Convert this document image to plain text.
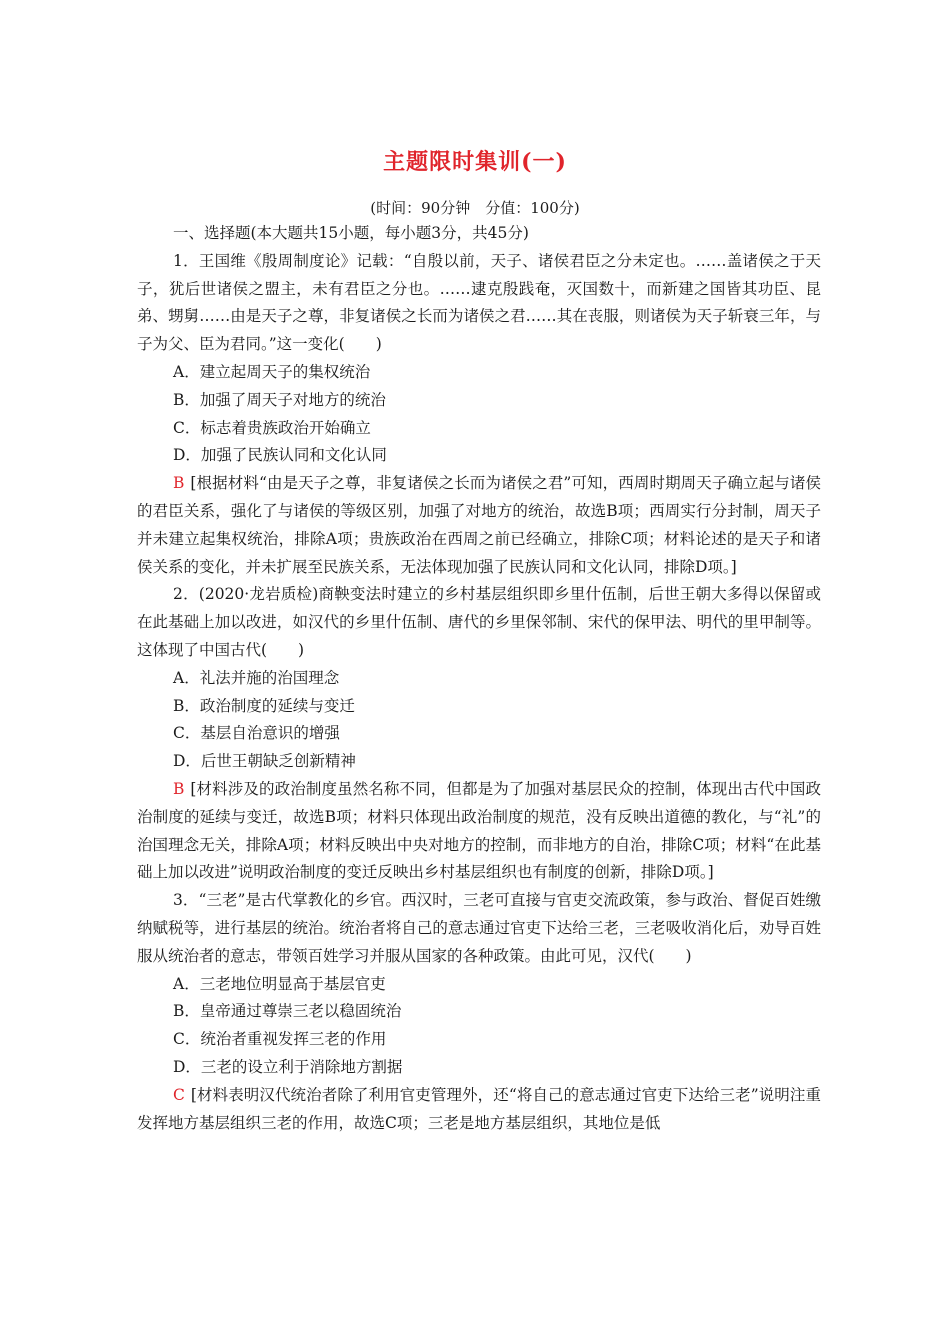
主题限时集训(一)
(时间：90分钟　分值：100分)

一、选择题(本大题共15小题，每小题3分，共45分)

1．王国维《殷周制度论》记载：“自殷以前，天子、诸侯君臣之分未定也。……盖诸侯之于天子，犹后世诸侯之盟主，未有君臣之分也。……逮克殷践奄，灭国数十，而新建之国皆其功臣、昆弟、甥舅……由是天子之尊，非复诸侯之长而为诸侯之君……其在丧服，则诸侯为天子斩衰三年，与子为父、臣为君同。”这一变化(　　)

A．建立起周天子的集权统治

B．加强了周天子对地方的统治

C．标志着贵族政治开始确立

D．加强了民族认同和文化认同

B [根据材料“由是天子之尊，非复诸侯之长而为诸侯之君”可知，西周时期周天子确立起与诸侯的君臣关系，强化了与诸侯的等级区别，加强了对地方的统治，故选B项；西周实行分封制，周天子并未建立起集权统治，排除A项；贵族政治在西周之前已经确立，排除C项；材料论述的是天子和诸侯关系的变化，并未扩展至民族关系，无法体现加强了民族认同和文化认同，排除D项。]

2．(2020·龙岩质检)商鞅变法时建立的乡村基层组织即乡里什伍制，后世王朝大多得以保留或在此基础上加以改进，如汉代的乡里什伍制、唐代的乡里保邻制、宋代的保甲法、明代的里甲制等。这体现了中国古代(　　)

A．礼法并施的治国理念

B．政治制度的延续与变迁

C．基层自治意识的增强

D．后世王朝缺乏创新精神

B [材料涉及的政治制度虽然名称不同，但都是为了加强对基层民众的控制，体现出古代中国政治制度的延续与变迁，故选B项；材料只体现出政治制度的规范，没有反映出道德的教化，与“礼”的治国理念无关，排除A项；材料反映出中央对地方的控制，而非地方的自治，排除C项；材料“在此基础上加以改进”说明政治制度的变迁反映出乡村基层组织也有制度的创新，排除D项。]

3．“三老”是古代掌教化的乡官。西汉时，三老可直接与官吏交流政策，参与政治、督促百姓缴纳赋税等，进行基层的统治。统治者将自己的意志通过官吏下达给三老，三老吸收消化后，劝导百姓服从统治者的意志，带领百姓学习并服从国家的各种政策。由此可见，汉代(　　)

A．三老地位明显高于基层官吏

B．皇帝通过尊崇三老以稳固统治

C．统治者重视发挥三老的作用

D．三老的设立利于消除地方割据

C [材料表明汉代统治者除了利用官吏管理外，还“将自己的意志通过官吏下达给三老”说明注重发挥地方基层组织三老的作用，故选C项；三老是地方基层组织，其地位是低
